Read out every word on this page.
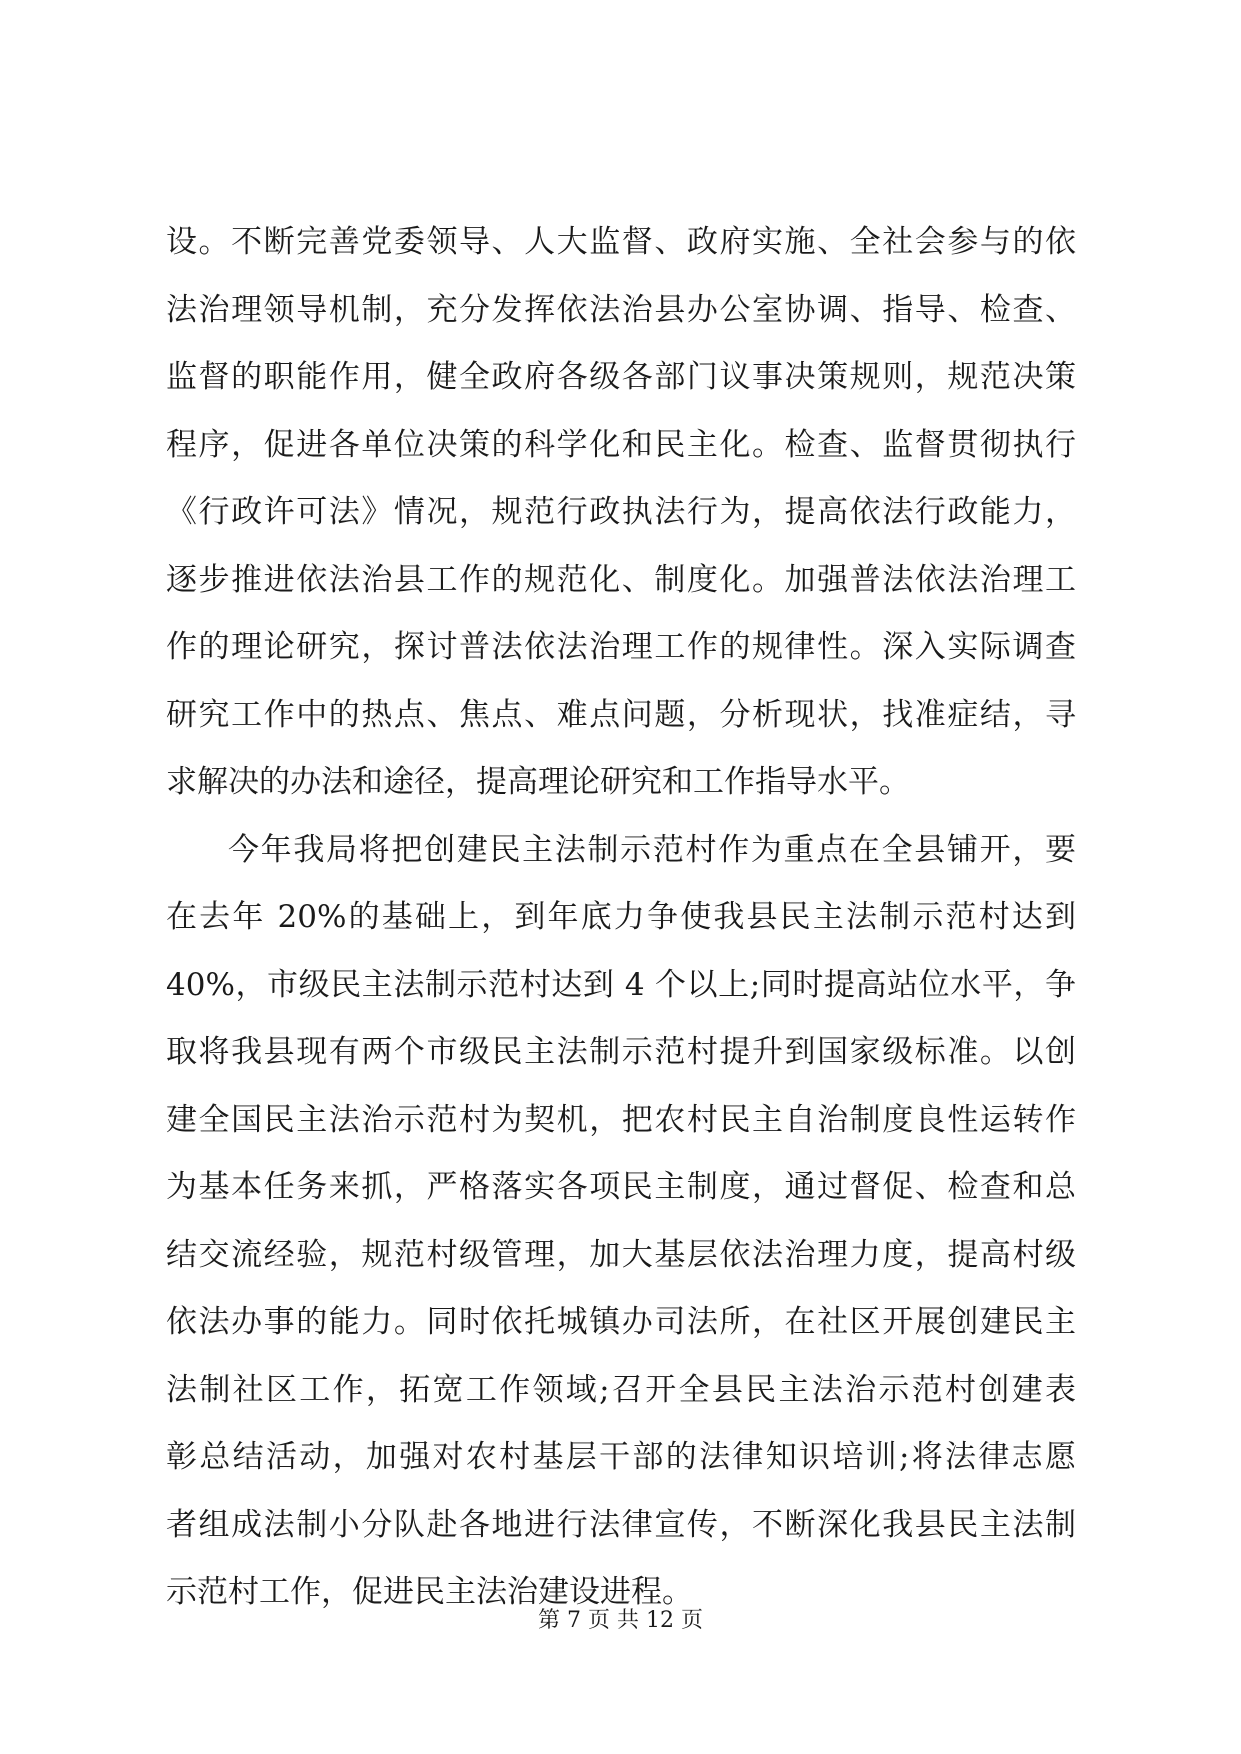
设。不断完善党委领导、人大监督、政府实施、全社会参与的依
法治理领导机制，充分发挥依法治县办公室协调、指导、检查、
监督的职能作用，健全政府各级各部门议事决策规则，规范决策
程序，促进各单位决策的科学化和民主化。检查、监督贯彻执行
《行政许可法》情况，规范行政执法行为，提高依法行政能力，
逐步推进依法治县工作的规范化、制度化。加强普法依法治理工
作的理论研究，探讨普法依法治理工作的规律性。深入实际调查
研究工作中的热点、焦点、难点问题，分析现状，找准症结，寻
求解决的办法和途径，提高理论研究和工作指导水平。
今年我局将把创建民主法制示范村作为重点在全县铺开，要
在去年 20%的基础上，到年底力争使我县民主法制示范村达到
40%，市级民主法制示范村达到 4 个以上;同时提高站位水平，争
取将我县现有两个市级民主法制示范村提升到国家级标准。以创
建全国民主法治示范村为契机，把农村民主自治制度良性运转作
为基本任务来抓，严格落实各项民主制度，通过督促、检查和总
结交流经验，规范村级管理，加大基层依法治理力度，提高村级
依法办事的能力。同时依托城镇办司法所，在社区开展创建民主
法制社区工作，拓宽工作领域;召开全县民主法治示范村创建表
彰总结活动，加强对农村基层干部的法律知识培训;将法律志愿
者组成法制小分队赴各地进行法律宣传，不断深化我县民主法制
示范村工作，促进民主法治建设进程。
第 7 页 共 12 页
